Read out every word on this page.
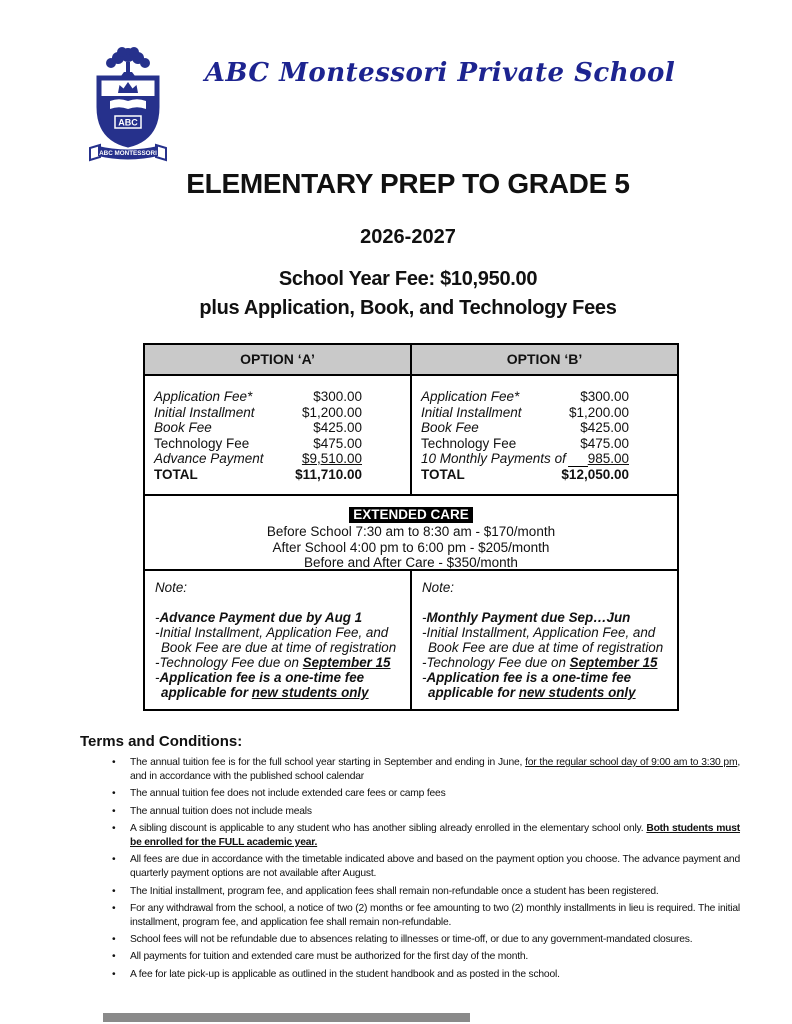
ABC
ABC MONTESSORI
ABC Montessori Private School
ELEMENTARY PREP TO GRADE 5
2026-2027
School Year Fee: $10,950.00
plus Application, Book, and Technology Fees
OPTION ‘A’	OPTION ‘B’
Application Fee*	$300.00
Initial Installment	$1,200.00
Book Fee	$425.00
Technology Fee	$475.00
Advance Payment	$9,510.00
TOTAL	$11,710.00
Application Fee*	$300.00
Initial Installment	$1,200.00
Book Fee	$425.00
Technology Fee	$475.00
10 Monthly Payments of 985.00
TOTAL	$12,050.00
EXTENDED CARE
Before School 7:30 am to 8:30 am - $170/month
After School 4:00 pm to 6:00 pm - $205/month
Before and After Care - $350/month
Note:
-Advance Payment due by Aug 1
-Initial Installment, Application Fee, and Book Fee are due at time of registration
-Technology Fee due on September 15
-Application fee is a one-time fee applicable for new students only
Note:
-Monthly Payment due Sep…Jun
-Initial Installment, Application Fee, and Book Fee are due at time of registration
-Technology Fee due on September 15
-Application fee is a one-time fee applicable for new students only
Terms and Conditions:
•	The annual tuition fee is for the full school year starting in September and ending in June, for the regular school day of 9:00 am to 3:30 pm, and in accordance with the published school calendar
•	The annual tuition fee does not include extended care fees or camp fees
•	The annual tuition does not include meals
•	A sibling discount is applicable to any student who has another sibling already enrolled in the elementary school only. Both students must be enrolled for the FULL academic year.
•	All fees are due in accordance with the timetable indicated above and based on the payment option you choose. The advance payment and quarterly payment options are not available after August.
•	The Initial installment, program fee, and application fees shall remain non-refundable once a student has been registered.
•	For any withdrawal from the school, a notice of two (2) months or fee amounting to two (2) monthly installments in lieu is required. The initial installment, program fee, and application fee shall remain non-refundable.
•	School fees will not be refundable due to absences relating to illnesses or time-off, or due to any government-mandated closures.
•	All payments for tuition and extended care must be authorized for the first day of the month.
•	A fee for late pick-up is applicable as outlined in the student handbook and as posted in the school.
